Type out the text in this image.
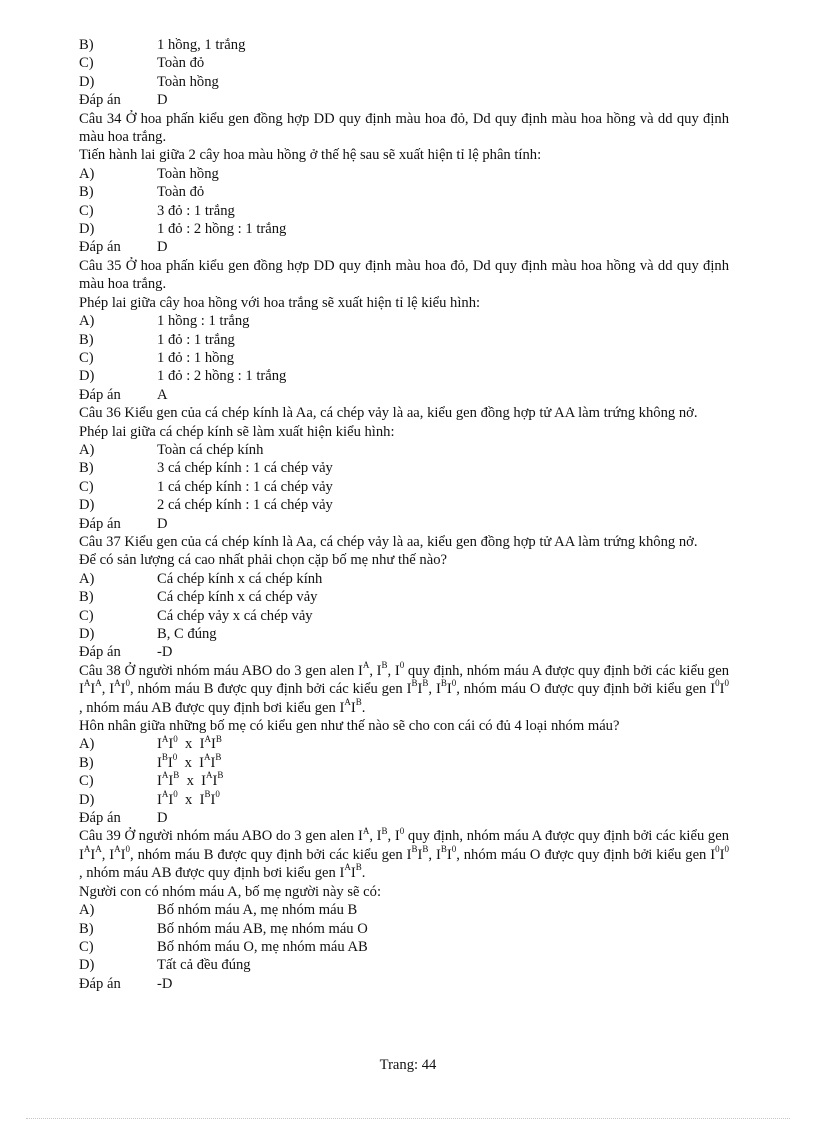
B)	1 hồng, 1 trắng
C)	Toàn đỏ
D)	Toàn hồng
Đáp án	D
Câu 34 Ở hoa phấn kiểu gen đồng hợp DD quy định màu hoa đỏ, Dd quy định màu hoa hồng và dd quy định màu hoa trắng.
Tiến hành lai giữa 2 cây hoa màu hồng ở thế hệ sau sẽ xuất hiện tỉ lệ phân tính:
A)	Toàn hồng
B)	Toàn đỏ
C)	3 đỏ : 1 trắng
D)	1 đỏ : 2 hồng : 1 trắng
Đáp án	D
Câu 35 Ở hoa phấn kiểu gen đồng hợp DD quy định màu hoa đỏ, Dd quy định màu hoa hồng và dd quy định màu hoa trắng.
Phép lai giữa cây hoa hồng với hoa trắng sẽ xuất hiện tỉ lệ kiểu hình:
A)	1 hồng : 1 trắng
B)	1 đỏ : 1 trắng
C)	1 đỏ : 1 hồng
D)	1 đỏ : 2 hồng : 1 trắng
Đáp án	A
Câu 36 Kiểu gen của cá chép kính là Aa, cá chép vảy là aa, kiểu gen đồng hợp tử AA làm trứng không nở.
Phép lai giữa cá chép kính sẽ làm xuất hiện kiểu hình:
A)	Toàn cá chép kính
B)	3 cá chép kính : 1 cá chép vảy
C)	1 cá chép kính : 1 cá chép vảy
D)	2 cá chép kính : 1 cá chép vảy
Đáp án	D
Câu 37 Kiểu gen của cá chép kính là Aa, cá chép vảy là aa, kiểu gen đồng hợp tử AA làm trứng không nở.
Để có sản lượng cá cao nhất phải chọn cặp bố mẹ như thế nào?
A)	Cá chép kính x cá chép kính
B)	Cá chép kính x cá chép vảy
C)	Cá chép vảy x cá chép vảy
D)	B, C đúng
Đáp án	-D
Câu 38 Ở người nhóm máu ABO do 3 gen alen $I^A$, $I^B$, $I^0$ quy định, nhóm máu A được quy định bởi các kiểu gen $I^AI^A$, $I^AI^0$, nhóm máu B được quy định bởi các kiểu gen $I^BI^B$, $I^BI^0$, nhóm máu O được quy định bởi kiểu gen $I^0I^0$ , nhóm máu AB được quy định bơi kiểu gen $I^AI^B$.
Hôn nhân giữa những bố mẹ có kiểu gen như thế nào sẽ cho con cái có đủ 4 loại nhóm máu?
A)	$I^AI^0$ x $I^AI^B$
B)	$I^BI^0$ x $I^AI^B$
C)	$I^AI^B$ x $I^AI^B$
D)	$I^AI^0$ x $I^BI^0$
Đáp án	D
Câu 39 Ở người nhóm máu ABO do 3 gen alen $I^A$, $I^B$, $I^0$ quy định, nhóm máu A được quy định bởi các kiểu gen $I^AI^A$, $I^AI^0$, nhóm máu B được quy định bởi các kiểu gen $I^BI^B$, $I^BI^0$, nhóm máu O được quy định bởi kiểu gen $I^0I^0$ , nhóm máu AB được quy định bơi kiểu gen $I^AI^B$.
Người con có nhóm máu A, bố mẹ người này sẽ có:
A)	Bố nhóm máu A, mẹ nhóm máu B
B)	Bố nhóm máu AB, mẹ nhóm máu O
C)	Bố nhóm máu O, mẹ nhóm máu AB
D)	Tất cả đều đúng
Đáp án	-D
Trang: 44
